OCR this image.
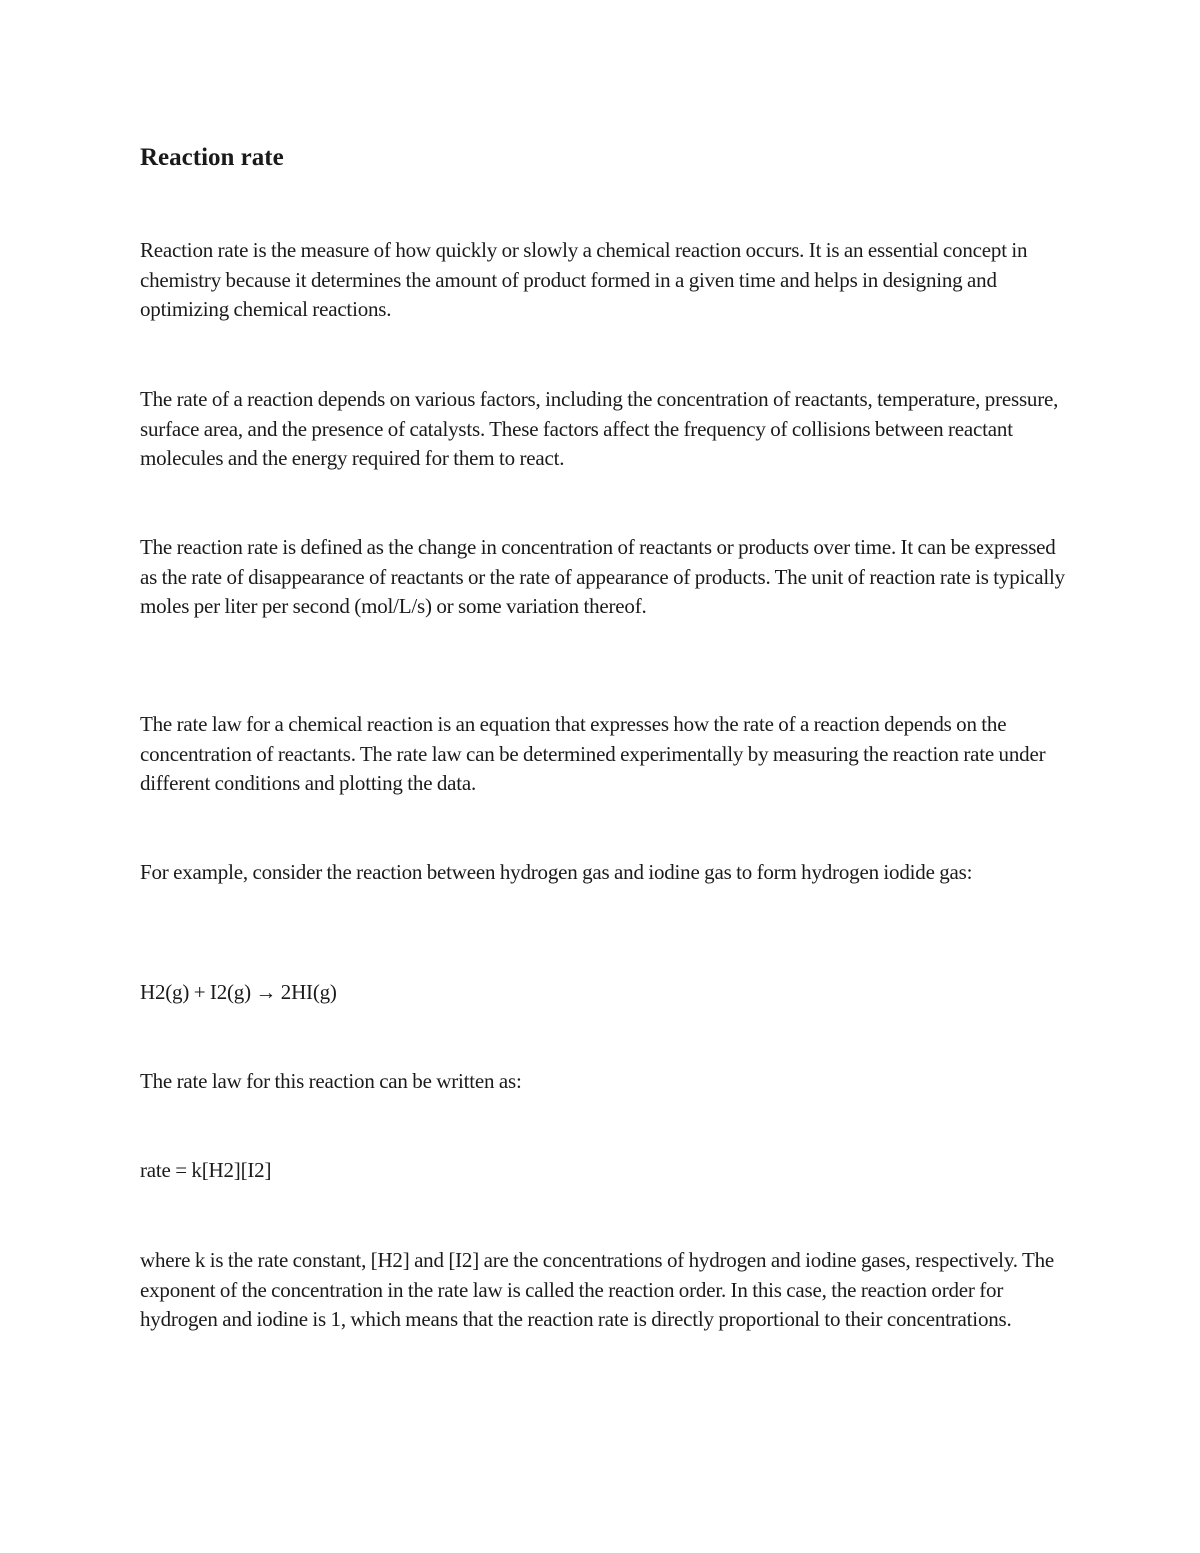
Reaction rate

Reaction rate is the measure of how quickly or slowly a chemical reaction occurs. It is an essential concept in chemistry because it determines the amount of product formed in a given time and helps in designing and optimizing chemical reactions.

The rate of a reaction depends on various factors, including the concentration of reactants, temperature, pressure, surface area, and the presence of catalysts. These factors affect the frequency of collisions between reactant molecules and the energy required for them to react.

The reaction rate is defined as the change in concentration of reactants or products over time. It can be expressed as the rate of disappearance of reactants or the rate of appearance of products. The unit of reaction rate is typically moles per liter per second (mol/L/s) or some variation thereof.

The rate law for a chemical reaction is an equation that expresses how the rate of a reaction depends on the concentration of reactants. The rate law can be determined experimentally by measuring the reaction rate under different conditions and plotting the data.

For example, consider the reaction between hydrogen gas and iodine gas to form hydrogen iodide gas:

H2(g) + I2(g) → 2HI(g)

The rate law for this reaction can be written as:

rate = k[H2][I2]

where k is the rate constant, [H2] and [I2] are the concentrations of hydrogen and iodine gases, respectively. The exponent of the concentration in the rate law is called the reaction order. In this case, the reaction order for hydrogen and iodine is 1, which means that the reaction rate is directly proportional to their concentrations.
